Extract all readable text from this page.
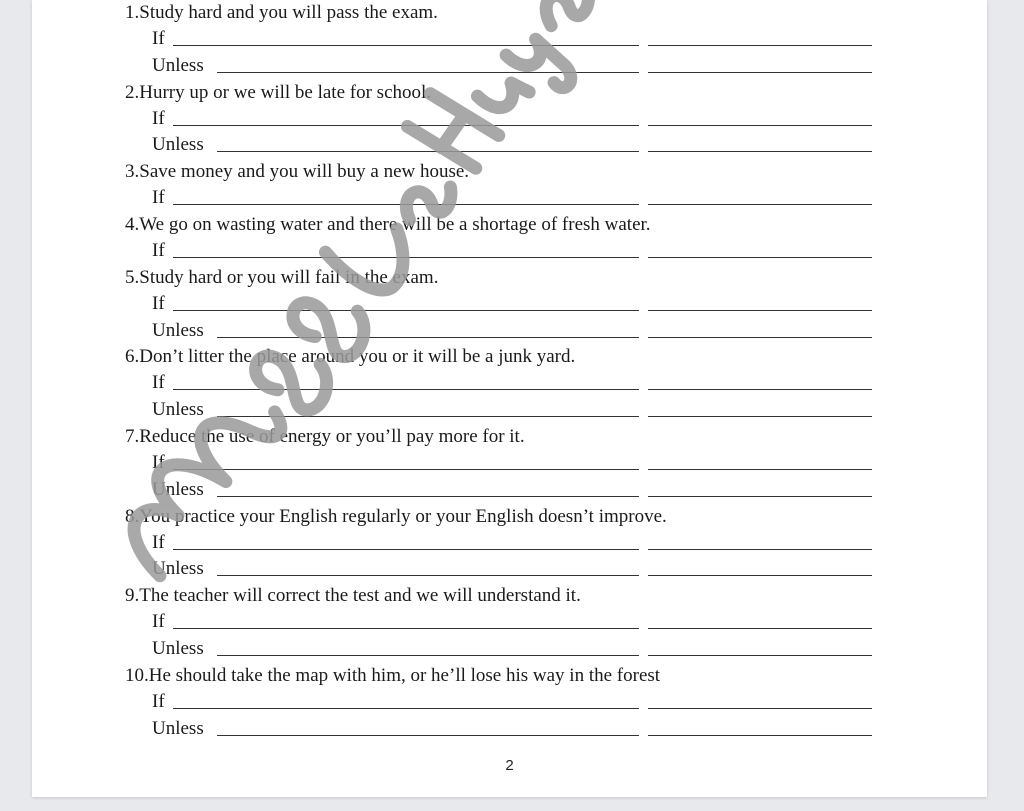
1.Study hard and you will pass the exam.
If
Unless
2.Hurry up or we will be late for school.
If
Unless
3.Save money and you will buy a new house.
If
4.We go on wasting water and there will be a shortage of fresh water.
If
5.Study hard or you will fail in the exam.
If
Unless
6.Don’t litter the place around you or it will be a junk yard.
If
Unless
7.Reduce the use of energy or you’ll pay more for it.
If
Unless
8.You practice your English regularly or your English doesn’t improve.
If
Unless
9.The teacher will correct the test and we will understand it.
If
Unless
10.He should take the map with him, or he’ll lose his way in the forest
If
Unless
2
